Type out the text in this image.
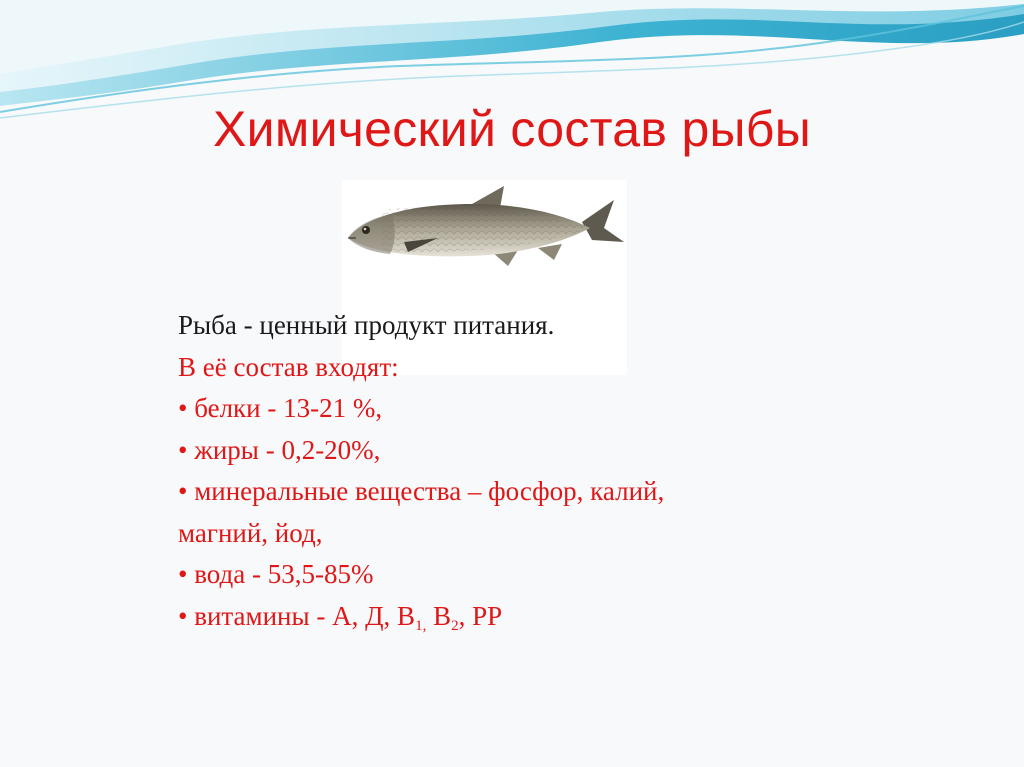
Химический состав рыбы
Рыба - ценный продукт питания.
В её состав входят:
• белки - 13-21 %,
• жиры - 0,2-20%,
• минеральные вещества – фосфор, калий,
магний, йод,
• вода - 53,5-85%
• витамины - А, Д, $В_{1,}$ $В_2$, РР
